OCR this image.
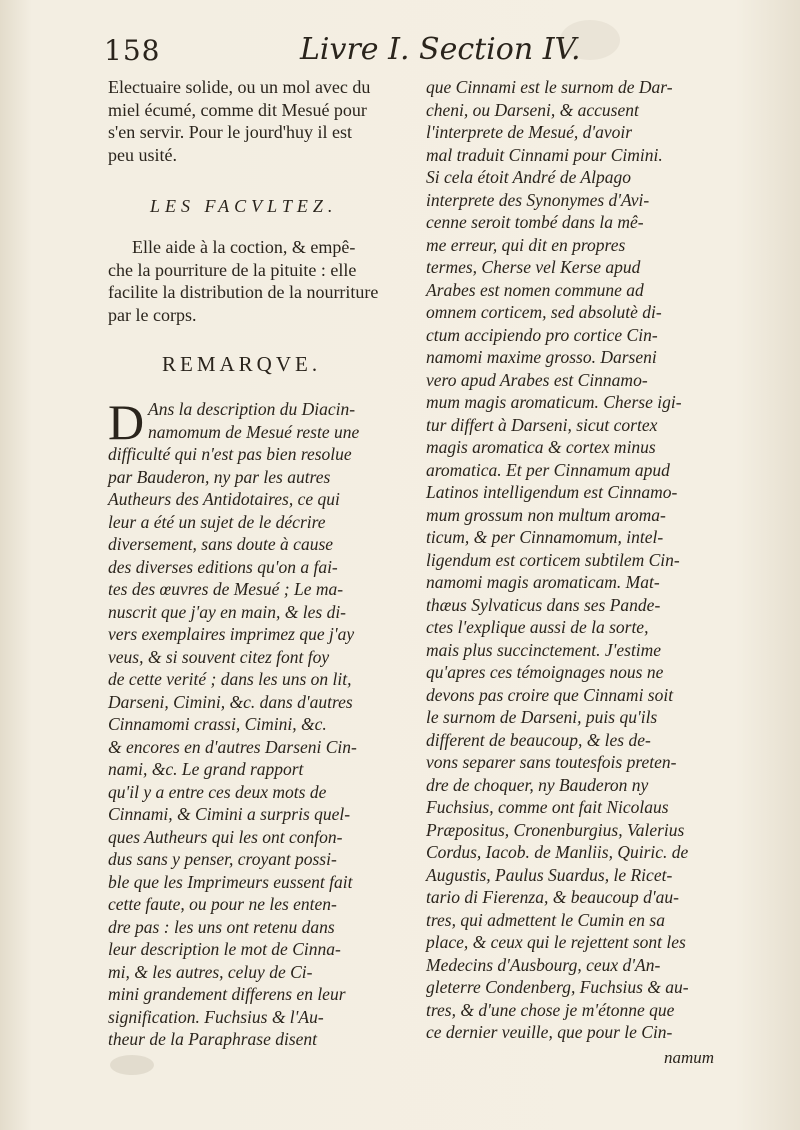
158	Livre I. Section IV.
Electuaire solide, ou un mol avec du
miel écumé, comme dit Mesué pour
s'en servir. Pour le jourd'huy il est
peu usité.
LES FACVLTEZ.
Elle aide à la coction, & empê-
che la pourriture de la pituite : elle
facilite la distribution de la nourriture
par le corps.
REMARQVE.
D Ans la description du Diacin-
namomum de Mesué reste une
difficulté qui n'est pas bien resolue
par Bauderon, ny par les autres
Autheurs des Antidotaires, ce qui
leur a été un sujet de le décrire
diversement, sans doute à cause
des diverses editions qu'on a fai-
tes des œuvres de Mesué ; Le ma-
nuscrit que j'ay en main, & les di-
vers exemplaires imprimez que j'ay
veus, & si souvent citez font foy
de cette verité ; dans les uns on lit,
Darseni, Cimini, &c. dans d'autres
Cinnamomi crassi, Cimini, &c.
& encores en d'autres Darseni Cin-
nami, &c. Le grand rapport
qu'il y a entre ces deux mots de
Cinnami, & Cimini a surpris quel-
ques Autheurs qui les ont confon-
dus sans y penser, croyant possi-
ble que les Imprimeurs eussent fait
cette faute, ou pour ne les enten-
dre pas : les uns ont retenu dans
leur description le mot de Cinna-
mi, & les autres, celuy de Ci-
mini grandement differens en leur
signification. Fuchsius & l'Au-
theur de la Paraphrase disent
que Cinnami est le surnom de Dar-
cheni, ou Darseni, & accusent
l'interprete de Mesué, d'avoir
mal traduit Cinnami pour Cimini.
Si cela étoit André de Alpago
interprete des Synonymes d'Avi-
cenne seroit tombé dans la mê-
me erreur, qui dit en propres
termes, Cherse vel Kerse apud
Arabes est nomen commune ad
omnem corticem, sed absolutè di-
ctum accipiendo pro cortice Cin-
namomi maxime grosso. Darseni
vero apud Arabes est Cinnamo-
mum magis aromaticum. Cherse igi-
tur differt à Darseni, sicut cortex
magis aromatica & cortex minus
aromatica. Et per Cinnamum apud
Latinos intelligendum est Cinnamo-
mum grossum non multum aroma-
ticum, & per Cinnamomum, intel-
ligendum est corticem subtilem Cin-
namomi magis aromaticam. Mat-
thæus Sylvaticus dans ses Pande-
ctes l'explique aussi de la sorte,
mais plus succinctement. J'estime
qu'apres ces témoignages nous ne
devons pas croire que Cinnami soit
le surnom de Darseni, puis qu'ils
different de beaucoup, & les de-
vons separer sans toutesfois preten-
dre de choquer, ny Bauderon ny
Fuchsius, comme ont fait Nicolaus
Præpositus, Cronenburgius, Valerius
Cordus, Iacob. de Manliis, Quiric. de
Augustis, Paulus Suardus, le Ricet-
tario di Fierenza, & beaucoup d'au-
tres, qui admettent le Cumin en sa
place, & ceux qui le rejettent sont les
Medecins d'Ausbourg, ceux d'An-
gleterre Condenberg, Fuchsius & au-
tres, & d'une chose je m'étonne que
ce dernier veuille, que pour le Cin-
namum
